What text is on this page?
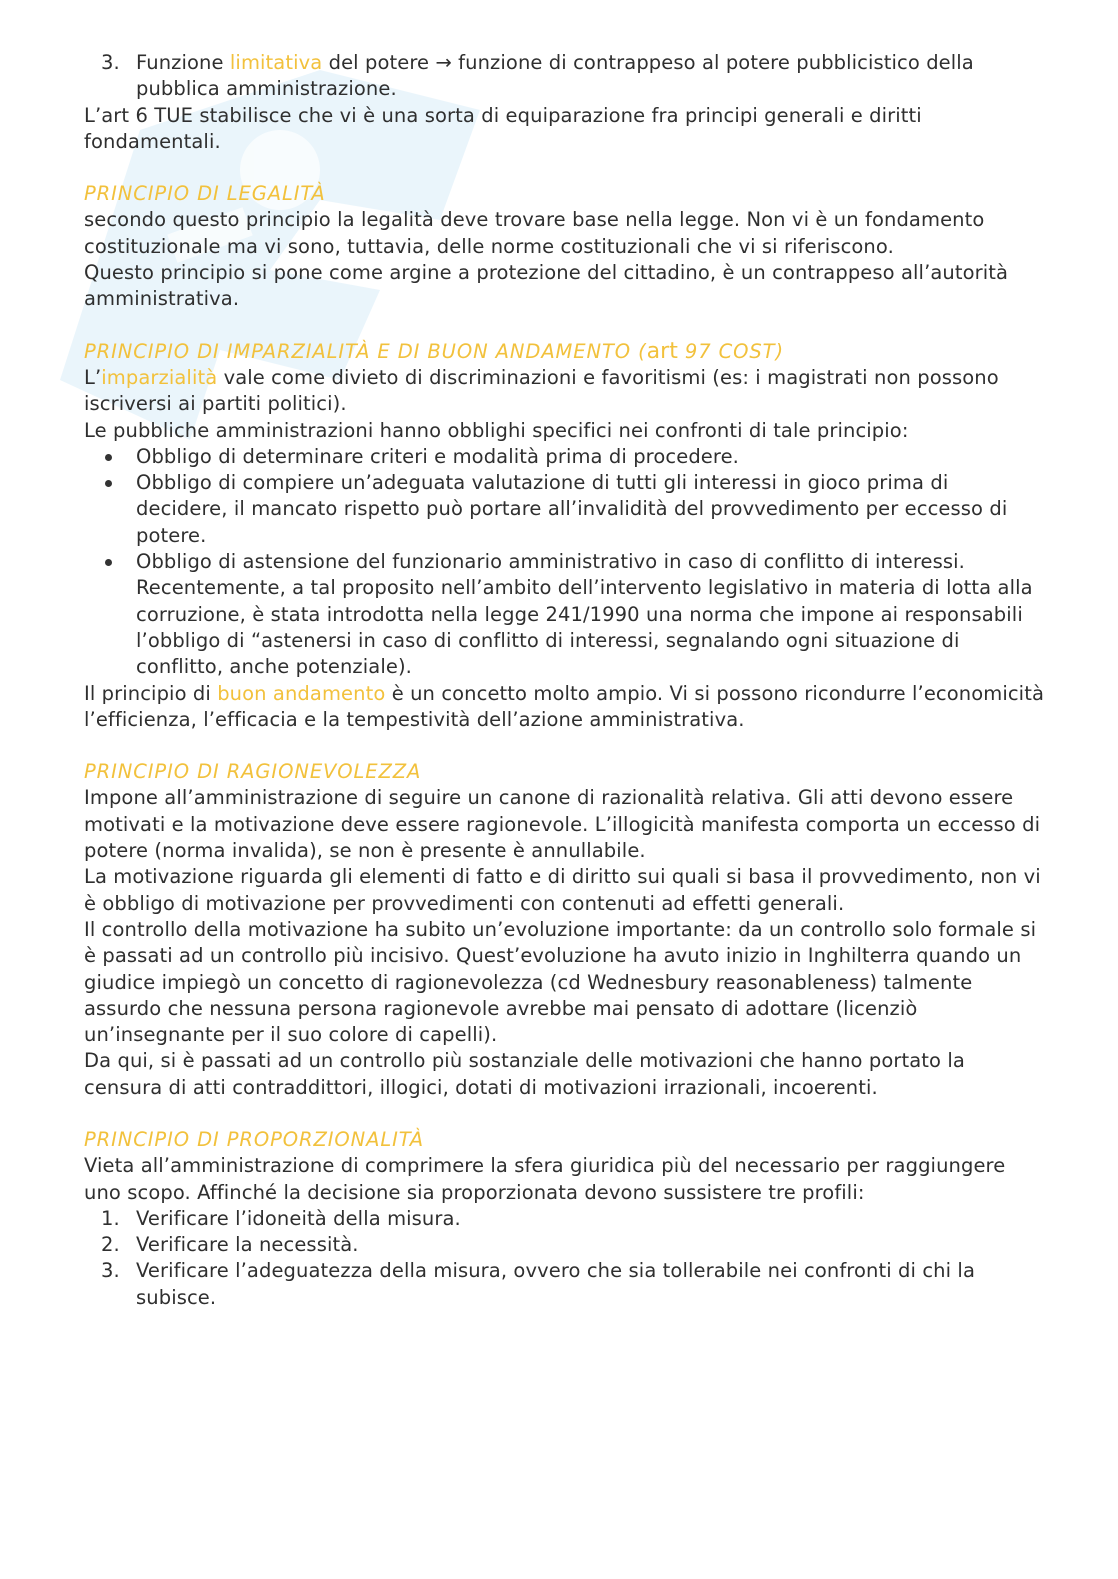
3. Funzione limitativa del potere → funzione di contrappeso al potere pubblicistico della pubblica amministrazione.

L’art 6 TUE stabilisce che vi è una sorta di equiparazione fra principi generali e diritti fondamentali.

PRINCIPIO DI LEGALITÀ

secondo questo principio la legalità deve trovare base nella legge. Non vi è un fondamento costituzionale ma vi sono, tuttavia, delle norme costituzionali che vi si riferiscono.

Questo principio si pone come argine a protezione del cittadino, è un contrappeso all’autorità amministrativa.

PRINCIPIO DI IMPARZIALITÀ E DI BUON ANDAMENTO (art 97 COST)

L’imparzialità vale come divieto di discriminazioni e favoritismi (es: i magistrati non possono iscriversi ai partiti politici).

Le pubbliche amministrazioni hanno obblighi specifici nei confronti di tale principio:

Obbligo di determinare criteri e modalità prima di procedere.
Obbligo di compiere un’adeguata valutazione di tutti gli interessi in gioco prima di decidere, il mancato rispetto può portare all’invalidità del provvedimento per eccesso di potere.
Obbligo di astensione del funzionario amministrativo in caso di conflitto di interessi. Recentemente, a tal proposito nell’ambito dell’intervento legislativo in materia di lotta alla corruzione, è stata introdotta nella legge 241/1990 una norma che impone ai responsabili l’obbligo di “astenersi in caso di conflitto di interessi, segnalando ogni situazione di conflitto, anche potenziale).

Il principio di buon andamento è un concetto molto ampio. Vi si possono ricondurre l’economicità l’efficienza, l’efficacia e la tempestività dell’azione amministrativa.

PRINCIPIO DI RAGIONEVOLEZZA

Impone all’amministrazione di seguire un canone di razionalità relativa. Gli atti devono essere motivati e la motivazione deve essere ragionevole. L’illogicità manifesta comporta un eccesso di potere (norma invalida), se non è presente è annullabile.

La motivazione riguarda gli elementi di fatto e di diritto sui quali si basa il provvedimento, non vi è obbligo di motivazione per provvedimenti con contenuti ad effetti generali.

Il controllo della motivazione ha subito un’evoluzione importante: da un controllo solo formale si è passati ad un controllo più incisivo. Quest’evoluzione ha avuto inizio in Inghilterra quando un giudice impiegò un concetto di ragionevolezza (cd Wednesbury reasonableness) talmente assurdo che nessuna persona ragionevole avrebbe mai pensato di adottare (licenziò un’insegnante per il suo colore di capelli).

Da qui, si è passati ad un controllo più sostanziale delle motivazioni che hanno portato la censura di atti contraddittori, illogici, dotati di motivazioni irrazionali, incoerenti.

PRINCIPIO DI PROPORZIONALITÀ

Vieta all’amministrazione di comprimere la sfera giuridica più del necessario per raggiungere uno scopo. Affinché la decisione sia proporzionata devono sussistere tre profili:

1. Verificare l’idoneità della misura.
2. Verificare la necessità.
3. Verificare l’adeguatezza della misura, ovvero che sia tollerabile nei confronti di chi la subisce.
